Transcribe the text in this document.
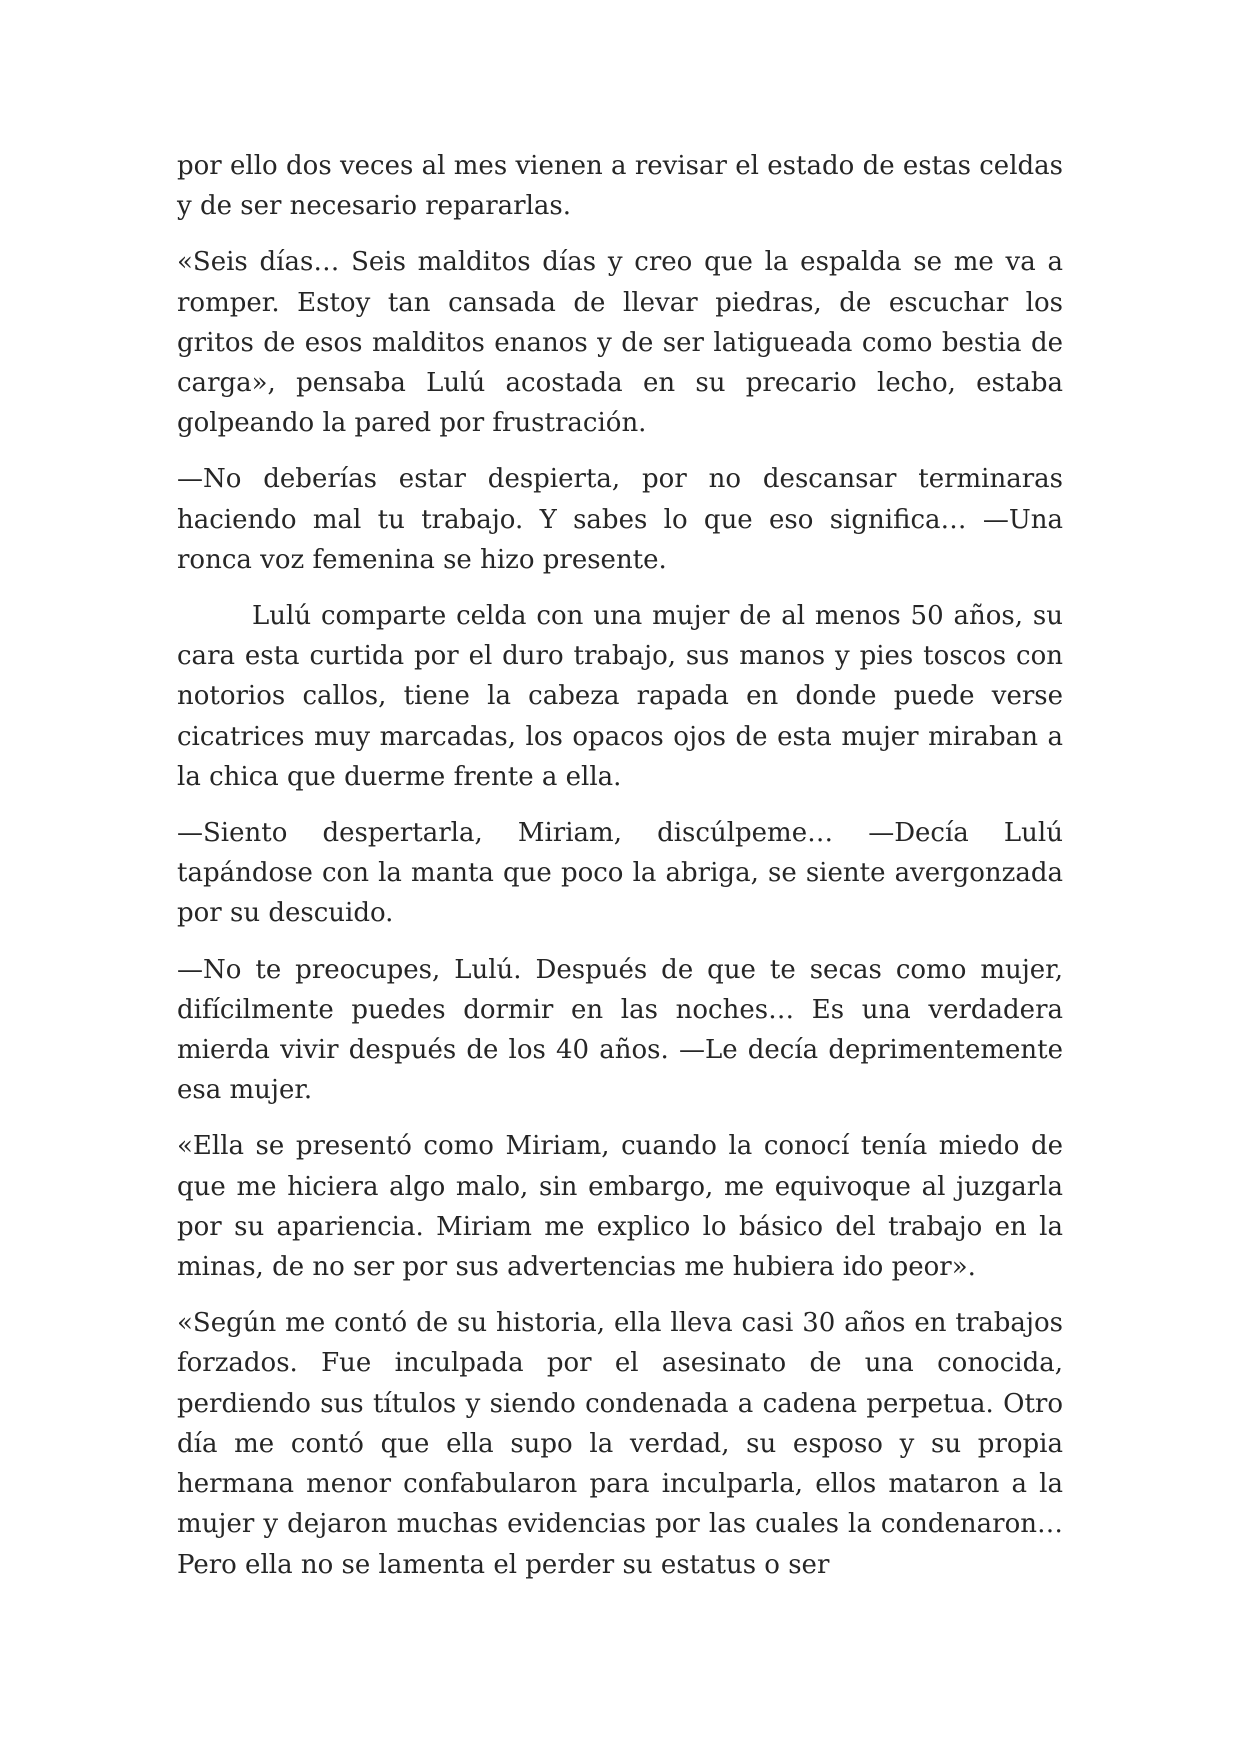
por ello dos veces al mes vienen a revisar el estado de estas celdas y de ser necesario repararlas.

«Seis días… Seis malditos días y creo que la espalda se me va a romper. Estoy tan cansada de llevar piedras, de escuchar los gritos de esos malditos enanos y de ser latigueada como bestia de carga», pensaba Lulú acostada en su precario lecho, estaba golpeando la pared por frustración.

—No deberías estar despierta, por no descansar terminaras haciendo mal tu trabajo. Y sabes lo que eso significa… —Una ronca voz femenina se hizo presente.

Lulú comparte celda con una mujer de al menos 50 años, su cara esta curtida por el duro trabajo, sus manos y pies toscos con notorios callos, tiene la cabeza rapada en donde puede verse cicatrices muy marcadas, los opacos ojos de esta mujer miraban a la chica que duerme frente a ella.

—Siento despertarla, Miriam, discúlpeme… —Decía Lulú tapándose con la manta que poco la abriga, se siente avergonzada por su descuido.

—No te preocupes, Lulú. Después de que te secas como mujer, difícilmente puedes dormir en las noches… Es una verdadera mierda vivir después de los 40 años. —Le decía deprimentemente esa mujer.

«Ella se presentó como Miriam, cuando la conocí tenía miedo de que me hiciera algo malo, sin embargo, me equivoque al juzgarla por su apariencia. Miriam me explico lo básico del trabajo en la minas, de no ser por sus advertencias me hubiera ido peor».

«Según me contó de su historia, ella lleva casi 30 años en trabajos forzados. Fue inculpada por el asesinato de una conocida, perdiendo sus títulos y siendo condenada a cadena perpetua. Otro día me contó que ella supo la verdad, su esposo y su propia hermana menor confabularon para inculparla, ellos mataron a la mujer y dejaron muchas evidencias por las cuales la condenaron… Pero ella no se lamenta el perder su estatus o ser
